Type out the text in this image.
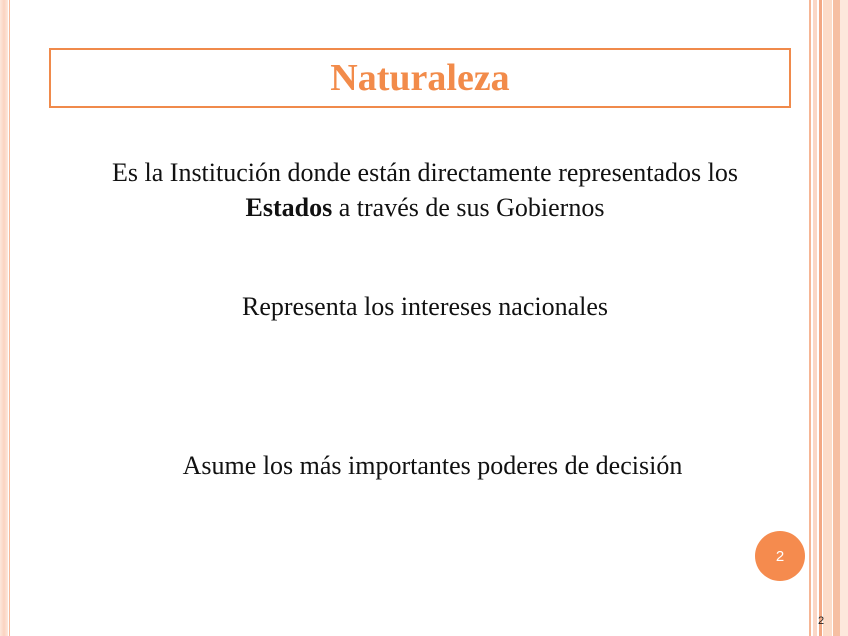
Naturaleza
Es la Institución donde están directamente representados los
Estados a través de sus Gobiernos
Representa los intereses nacionales
Asume los más importantes poderes de decisión
2
2
